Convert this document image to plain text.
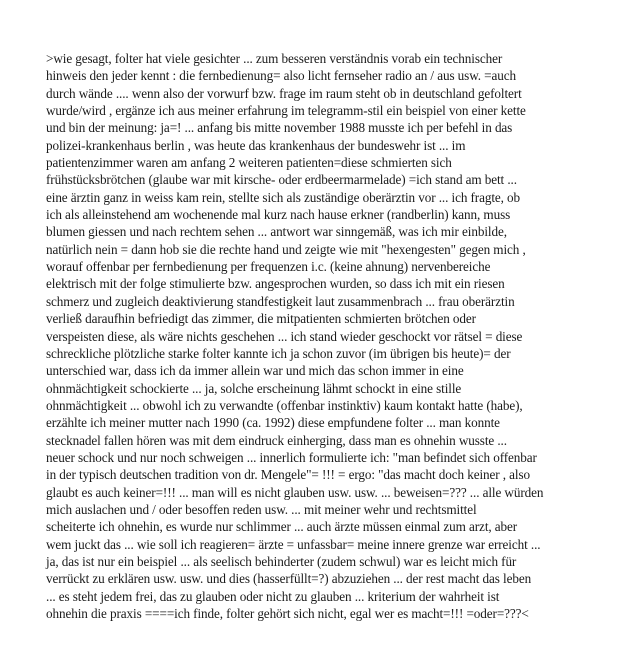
>wie gesagt, folter hat viele gesichter ... zum besseren verständnis vorab ein technischer
hinweis den jeder kennt : die fernbedienung= also licht fernseher radio an / aus usw. =auch
durch wände .... wenn also der vorwurf bzw. frage im raum steht ob in deutschland gefoltert
wurde/wird , ergänze ich aus meiner erfahrung im telegramm-stil ein beispiel von einer kette
und bin der meinung: ja=! ... anfang bis mitte november 1988 musste ich per befehl in das
polizei-krankenhaus berlin , was heute das krankenhaus der bundeswehr ist ... im
patientenzimmer waren am anfang 2 weiteren patienten=diese schmierten sich
frühstücksbrötchen (glaube war mit kirsche- oder erdbeermarmelade) =ich stand am bett ...
eine ärztin ganz in weiss kam rein, stellte sich als zuständige oberärztin vor ... ich fragte, ob
ich als alleinstehend am wochenende mal kurz nach hause erkner (randberlin) kann, muss
blumen giessen und nach rechtem sehen ... antwort war sinngemäß, was ich mir einbilde,
natürlich nein = dann hob sie die rechte hand und zeigte wie mit "hexengesten" gegen mich ,
worauf offenbar per fernbedienung per frequenzen i.c. (keine ahnung) nervenbereiche
elektrisch mit der folge stimulierte bzw. angesprochen wurden, so dass ich mit ein riesen
schmerz und zugleich deaktivierung standfestigkeit laut zusammenbrach ... frau oberärztin
verließ daraufhin befriedigt das zimmer, die mitpatienten schmierten brötchen oder
verspeisten diese, als wäre nichts geschehen ... ich stand wieder geschockt vor rätsel = diese
schreckliche plötzliche starke folter kannte ich ja schon zuvor (im übrigen bis heute)= der
unterschied war, dass ich da immer allein war und mich das schon immer in eine
ohnmächtigkeit schockierte ... ja, solche erscheinung lähmt schockt in eine stille
ohnmächtigkeit ... obwohl ich zu verwandte (offenbar instinktiv) kaum kontakt hatte (habe),
erzählte ich meiner mutter nach 1990 (ca. 1992) diese empfundene folter ... man konnte
stecknadel fallen hören was mit dem eindruck einherging, dass man es ohnehin wusste ...
neuer schock und nur noch schweigen ... innerlich formulierte ich: "man befindet sich offenbar
in der typisch deutschen tradition von dr. Mengele"= !!! = ergo: "das macht doch keiner , also
glaubt es auch keiner=!!! ... man will es nicht glauben usw. usw. ... beweisen=??? ... alle würden
mich auslachen und / oder besoffen reden usw. ... mit meiner wehr und rechtsmittel
scheiterte ich ohnehin, es wurde nur schlimmer ... auch ärzte müssen einmal zum arzt, aber
wem juckt das ... wie soll ich reagieren= ärzte = unfassbar= meine innere grenze war erreicht ...
ja, das ist nur ein beispiel ... als seelisch behinderter (zudem schwul) war es leicht mich für
verrückt zu erklären usw. usw. und dies (hasserfüllt=?) abzuziehen ... der rest macht das leben
... es steht jedem frei, das zu glauben oder nicht zu glauben ... kriterium der wahrheit ist
ohnehin die praxis ====ich finde, folter gehört sich nicht, egal wer es macht=!!! =oder=???<
